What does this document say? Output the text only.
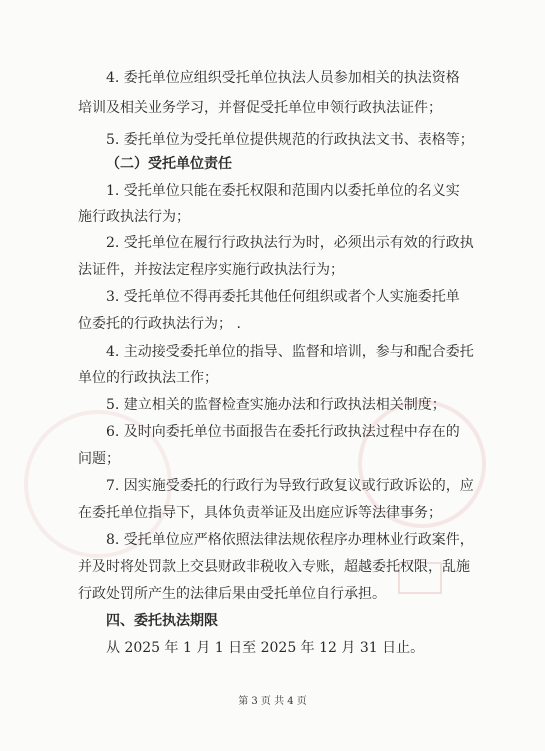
4. 委托单位应组织受托单位执法人员参加相关的执法资格
培训及相关业务学习，并督促受托单位申领行政执法证件；
5. 委托单位为受托单位提供规范的行政执法文书、表格等；
（二）受托单位责任
1. 受托单位只能在委托权限和范围内以委托单位的名义实
施行政执法行为；
2. 受托单位在履行行政执法行为时，必须出示有效的行政执
法证件，并按法定程序实施行政执法行为；
3. 受托单位不得再委托其他任何组织或者个人实施委托单
位委托的行政执法行为； .
4. 主动接受委托单位的指导、监督和培训，参与和配合委托
单位的行政执法工作；
5. 建立相关的监督检查实施办法和行政执法相关制度；
6. 及时向委托单位书面报告在委托行政执法过程中存在的
问题；
7. 因实施受委托的行政行为导致行政复议或行政诉讼的，应
在委托单位指导下，具体负责举证及出庭应诉等法律事务；
8. 受托单位应严格依照法律法规依程序办理林业行政案件，
并及时将处罚款上交县财政非税收入专账，超越委托权限，乱施
行政处罚所产生的法律后果由受托单位自行承担。
四、委托执法期限
从 2025 年 1 月 1 日至 2025 年 12 月 31 日止。
第 3 页 共 4 页
